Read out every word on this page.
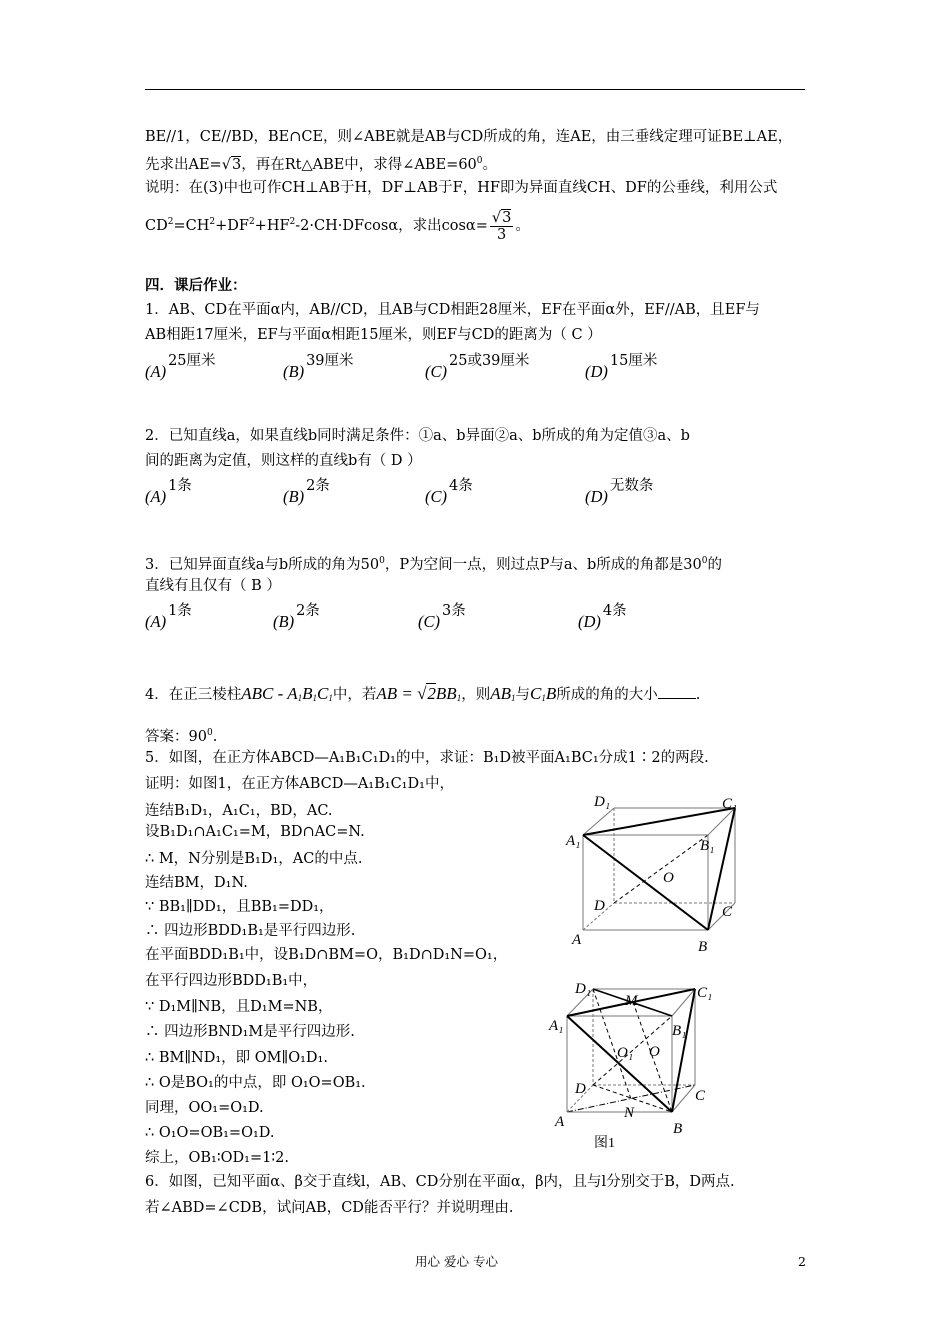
BE//1，CE//BD，BE∩CE，则∠ABE就是AB与CD所成的角，连AE，由三垂线定理可证BE⊥AE，
先求出AE=√3，再在Rt△ABE中，求得$\angle ABE=60^0$。
说明：在(3)中也可作CH⊥AB于H，DF⊥AB于F，HF即为异面直线CH、DF的公垂线，利用公式
$CD^2=CH^2+DF^2+HF^2-2\cdot CH\cdot DFcos\alpha$，求出$\cos\alpha= \frac{√3}{3}$ 。
四．课后作业：
1．AB、CD在平面α内，AB//CD，且AB与CD相距28厘米，EF在平面α外，EF//AB，且EF与
AB相距17厘米，EF与平面α相距15厘米，则EF与CD的距离为（ C ）
(A)25厘米
(B)39厘米
(C)25或39厘米
(D)15厘米
2．已知直线a，如果直线b同时满足条件：①a、b异面②a、b所成的角为定值③a、b
间的距离为定值，则这样的直线b有（ D ）
(A)1条
(B)2条
(C)4条
(D)无数条
3．已知异面直线a与b所成的角为$50^0$，P为空间一点，则过点P与a、b所成的角都是$30^0$的
直线有且仅有（ B ）
(A)1条
(B)2条
(C)3条
(D)4条
4．在正三棱柱ABC - $A_1B_1C_1$中，若AB = $√2BB_1$，则$AB_1$与$C_1B$所成的角的大小	.
答案：$90^0$.
5．如图，在正方体ABCD—A₁B₁C₁D₁的中，求证：B₁D被平面A₁BC₁分成1∶2的两段.
证明：如图1，在正方体ABCD—A₁B₁C₁D₁中，
连结B₁D₁，A₁C₁，BD，AC.
设B₁D₁∩A₁C₁=M，BD∩AC=N.
∴ M，N分别是B₁D₁，AC的中点.
连结BM，D₁N.
∵ BB₁∥DD₁，且BB₁=DD₁，
∴ 四边形BDD₁B₁是平行四边形.
在平面BDD₁B₁中，设B₁D∩BM=O，B₁D∩D₁N=O₁，
在平行四边形BDD₁B₁中，
∵ D₁M∥NB，且D₁M=NB，
∴ 四边形BND₁M是平行四边形.
∴ BM∥ND₁，即 OM∥O₁D₁.
∴ O是BO₁的中点，即 O₁O=OB₁.
同理，OO₁=O₁D.
∴ O₁O=OB₁=O₁D.
综上，OB₁∶OD₁=1∶2.
D₁	C₁
A₁	B₁
O
D	C
A	B
D₁
M	C₁
A₁	B₁
O₁ O
D	C
N
A	B
图1
6．如图，已知平面α、β交于直线l，AB、CD分别在平面α，β内，且与l分别交于B，D两点.
若∠ABD=∠CDB，试问AB，CD能否平行？并说明理由.
用心 爱心 专心	2
